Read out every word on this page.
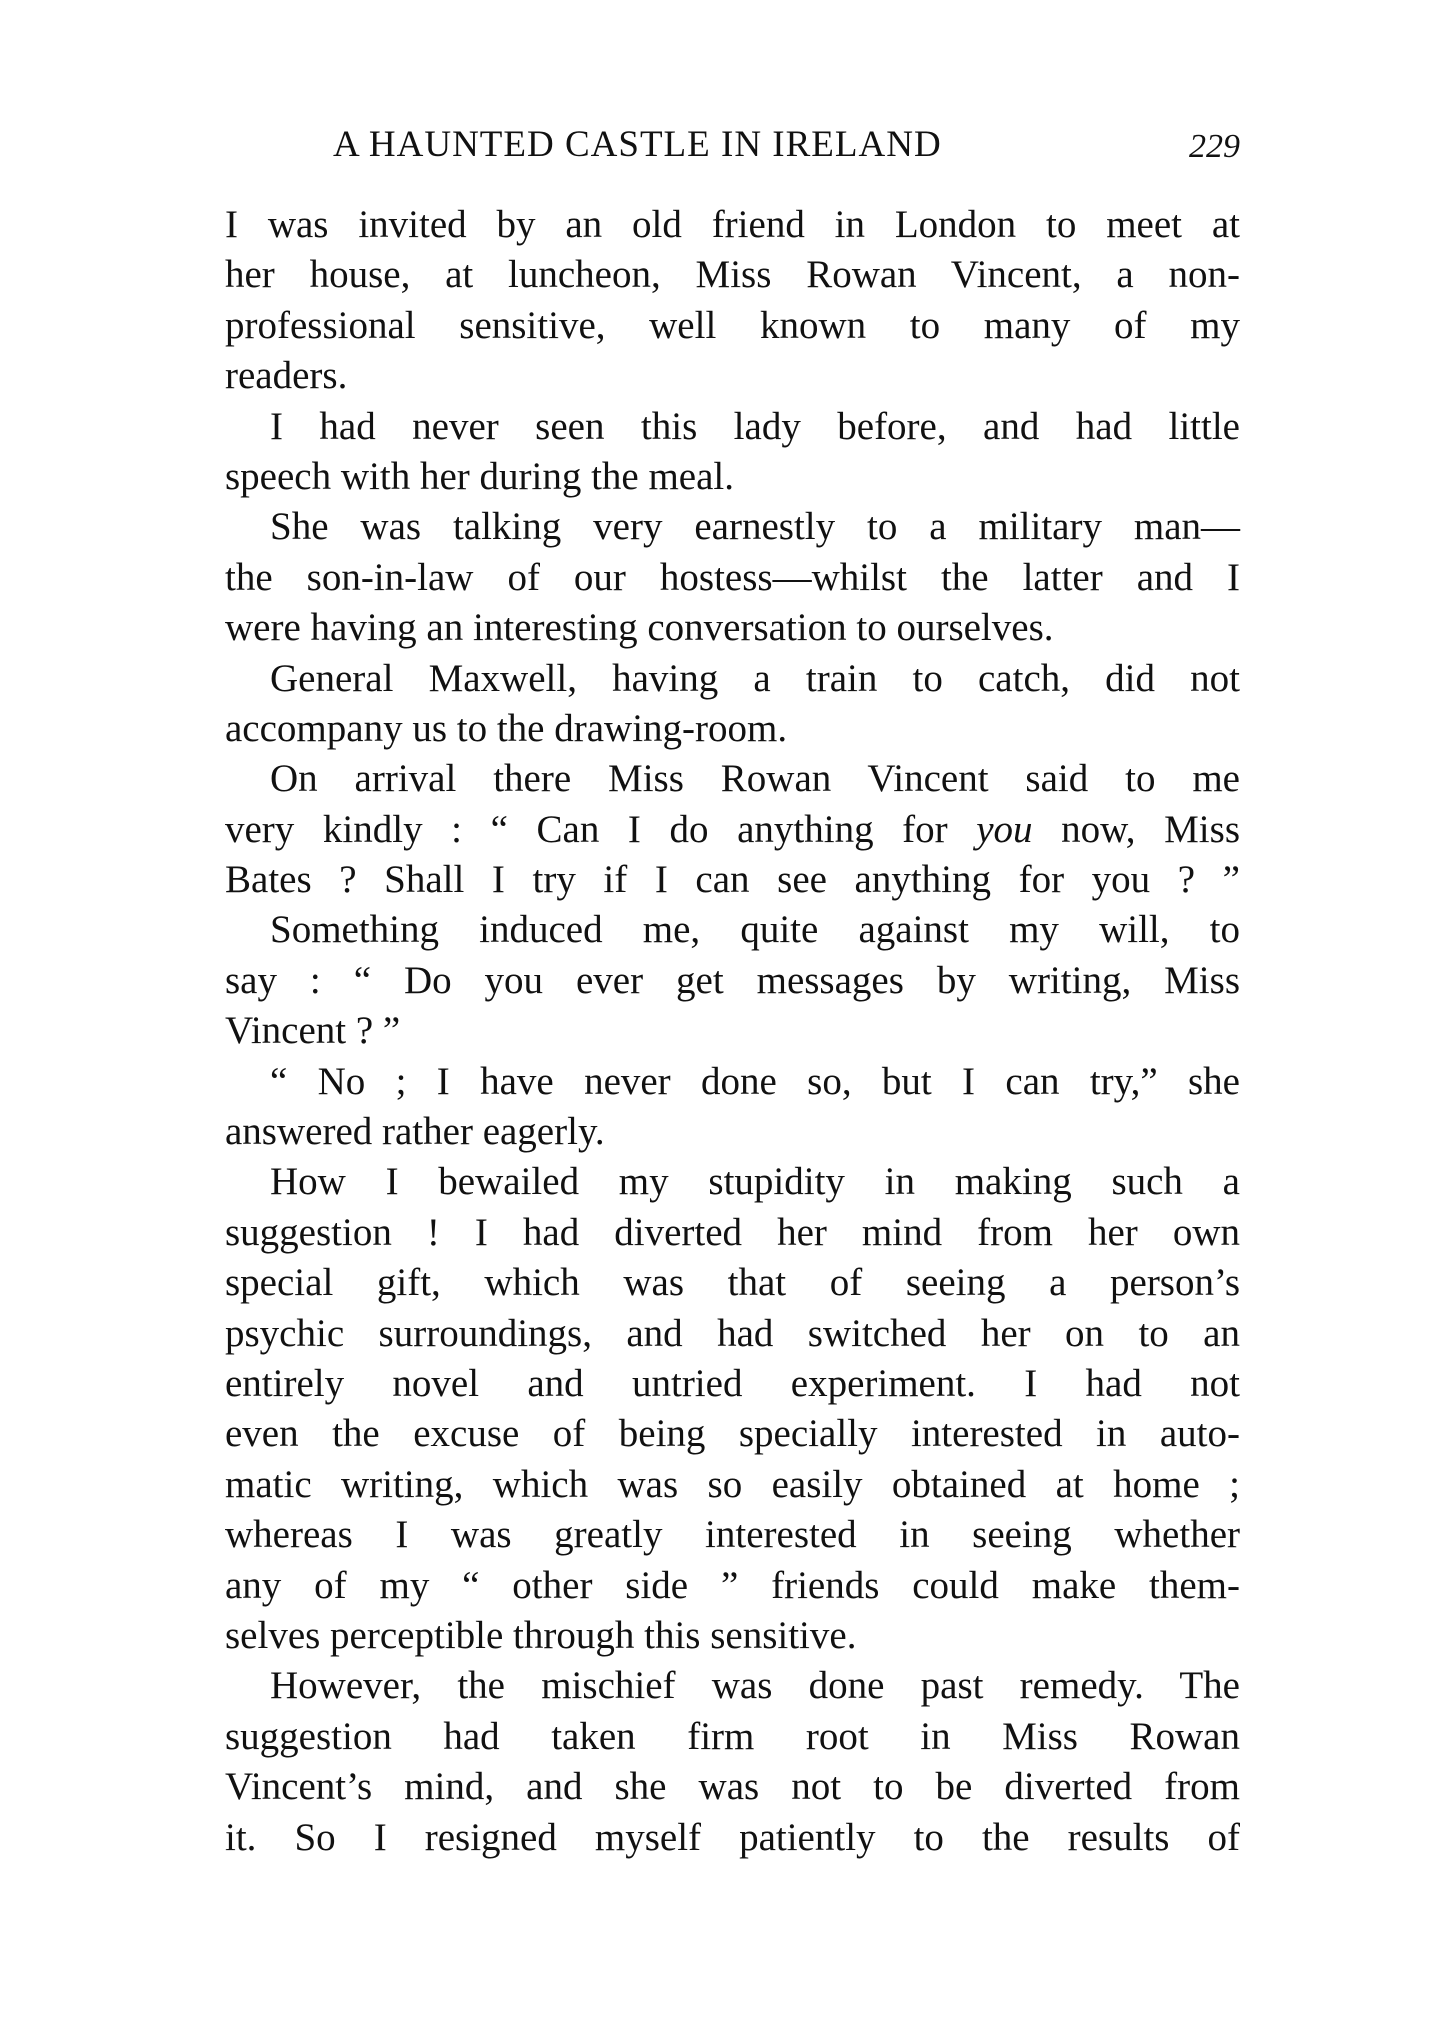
A HAUNTED CASTLE IN IRELAND	229
I was invited by an old friend in London to meet at
her house, at luncheon, Miss Rowan Vincent, a non-
professional sensitive, well known to many of my
readers.
I had never seen this lady before, and had little
speech with her during the meal.
She was talking very earnestly to a military man—
the son-in-law of our hostess—whilst the latter and I
were having an interesting conversation to ourselves.
General Maxwell, having a train to catch, did not
accompany us to the drawing-room.
On arrival there Miss Rowan Vincent said to me
very kindly : “ Can I do anything for you now, Miss
Bates ? Shall I try if I can see anything for you ? ”
Something induced me, quite against my will, to
say : “ Do you ever get messages by writing, Miss
Vincent ? ”
“ No ; I have never done so, but I can try,” she
answered rather eagerly.
How I bewailed my stupidity in making such a
suggestion ! I had diverted her mind from her own
special gift, which was that of seeing a person’s
psychic surroundings, and had switched her on to an
entirely novel and untried experiment. I had not
even the excuse of being specially interested in auto-
matic writing, which was so easily obtained at home ;
whereas I was greatly interested in seeing whether
any of my “ other side ” friends could make them-
selves perceptible through this sensitive.
However, the mischief was done past remedy. The
suggestion had taken firm root in Miss Rowan
Vincent’s mind, and she was not to be diverted from
it. So I resigned myself patiently to the results of
